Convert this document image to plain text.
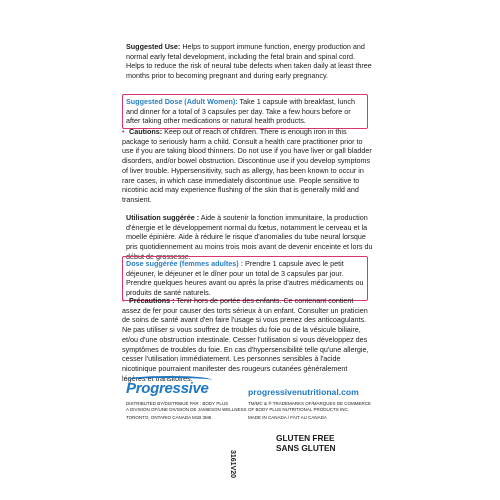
Suggested Use: Helps to support immune function, energy production and normal early fetal development, including the fetal brain and spinal cord. Helps to reduce the risk of neural tube defects when taken daily at least three months prior to becoming pregnant and during early pregnancy.
Suggested Dose (Adult Women): Take 1 capsule with breakfast, lunch and dinner for a total of 3 capsules per day. Take a few hours before or after taking other medications or natural health products.
• Cautions: Keep out of reach of children. There is enough iron in this package to seriously harm a child. Consult a health care practitioner prior to use if you are taking blood thinners. Do not use if you have liver or gall bladder disorders, and/or bowel obstruction. Discontinue use if you develop symptoms of liver trouble. Hypersensitivity, such as allergy, has been known to occur in rare cases, in which case immediately discontinue use. People sensitive to nicotinic acid may experience flushing of the skin that is generally mild and transient.
Utilisation suggérée : Aide à soutenir la fonction immunitaire, la production d'énergie et le développement normal du fœtus, notamment le cerveau et la moelle épinière. Aide à réduire le risque d'anomalies du tube neural lorsque pris quotidiennement au moins trois mois avant de devenir enceinte et lors du début de grossesse.
Dose suggérée (femmes adultes) : Prendre 1 capsule avec le petit déjeuner, le déjeuner et le dîner pour un total de 3 capsules par jour. Prendre quelques heures avant ou après la prise d'autres médicaments ou produits de santé naturels.
• Précautions : Tenir hors de portée des enfants. Ce contenant contient assez de fer pour causer des torts sérieux à un enfant. Consulter un praticien de soins de santé avant d'en faire l'usage si vous prenez des anticoagulants. Ne pas utiliser si vous souffrez de troubles du foie ou de la vésicule biliaire, et/ou d'une obstruction intestinale. Cesser l'utilisation si vous développez des symptômes de troubles du foie. En cas d'hypersensibilité telle qu'une allergie, cesser l'utilisation immédiatement. Les personnes sensibles à l'acide nicotinique pourraient manifester des rougeurs cutanées généralement légères et transitoires.
Progressive	progressivenutritional.com
DISTRIBUTED BY/DISTRIBUÉ PAR : BODY PLUS
A DIVISION OF/UNE DIVISION DE JAMIESON WELLNESS
TORONTO, ONTARIO CANADA M1B 3M6
TM/MC & ® TRADEMARKS OF/MARQUES DE COMMERCE
OF BODY PLUS NUTRITIONAL PRODUCTS INC.
MADE IN CANADA / FAIT AU CANADA
3161V20
GLUTEN FREE
SANS GLUTEN
